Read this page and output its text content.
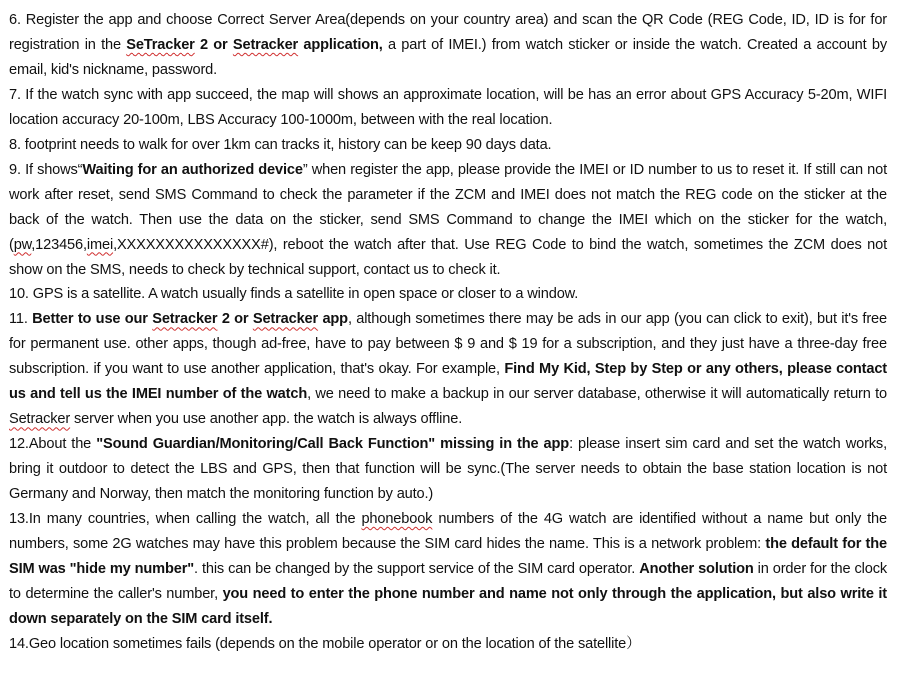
6. Register the app and choose Correct Server Area(depends on your country area) and scan the QR Code (REG Code, ID, ID is for for registration in the SeTracker 2 or Setracker application, a part of IMEI.) from watch sticker or inside the watch. Created a account by email, kid's nickname, password.

7. If the watch sync with app succeed, the map will shows an approximate location, will be has an error about GPS Accuracy 5-20m, WIFI location accuracy 20-100m, LBS Accuracy 100-1000m, between with the real location.

8. footprint needs to walk for over 1km can tracks it, history can be keep 90 days data.

9. If shows“Waiting for an authorized device” when register the app, please provide the IMEI or ID number to us to reset it. If still can not work after reset, send SMS Command to check the parameter if the ZCM and IMEI does not match the REG code on the sticker at the back of the watch. Then use the data on the sticker, send SMS Command to change the IMEI which on the sticker for the watch, (pw,123456,imei,XXXXXXXXXXXXXXX#), reboot the watch after that. Use REG Code to bind the watch, sometimes the ZCM does not show on the SMS, needs to check by technical support, contact us to check it.

10. GPS is a satellite. A watch usually finds a satellite in open space or closer to a window.

11. Better to use our Setracker 2 or Setracker app, although sometimes there may be ads in our app (you can click to exit), but it's free for permanent use. other apps, though ad-free, have to pay between $ 9 and $ 19 for a subscription, and they just have a three-day free subscription. if you want to use another application, that's okay. For example, Find My Kid, Step by Step or any others, please contact us and tell us the IMEI number of the watch, we need to make a backup in our server database, otherwise it will automatically return to Setracker server when you use another app. the watch is always offline.

12.About the "Sound Guardian/Monitoring/Call Back Function" missing in the app: please insert sim card and set the watch works, bring it outdoor to detect the LBS and GPS, then that function will be sync.(The server needs to obtain the base station location is not Germany and Norway, then match the monitoring function by auto.)

13.In many countries, when calling the watch, all the phonebook numbers of the 4G watch are identified without a name but only the numbers, some 2G watches may have this problem because the SIM card hides the name. This is a network problem: the default for the SIM was "hide my number". this can be changed by the support service of the SIM card operator. Another solution in order for the clock to determine the caller's number, you need to enter the phone number and name not only through the application, but also write it down separately on the SIM card itself.

14.Geo location sometimes fails (depends on the mobile operator or on the location of the satellite）
